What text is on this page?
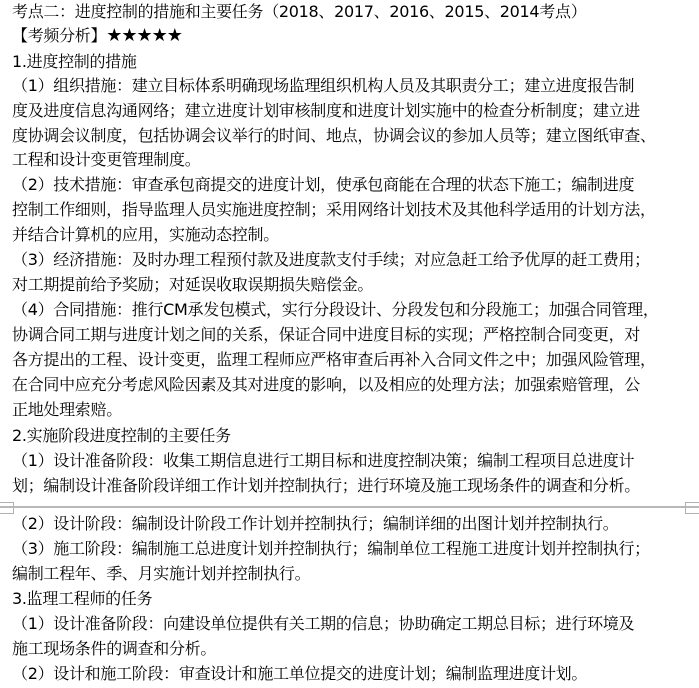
考点二：进度控制的措施和主要任务（2018、2017、2016、2015、2014考点）
【考频分析】★★★★★
1.进度控制的措施
（1）组织措施：建立目标体系明确现场监理组织机构人员及其职责分工；建立进度报告制
度及进度信息沟通网络；建立进度计划审核制度和进度计划实施中的检查分析制度；建立进
度协调会议制度，包括协调会议举行的时间、地点，协调会议的参加人员等；建立图纸审查、
工程和设计变更管理制度。
（2）技术措施：审查承包商提交的进度计划，使承包商能在合理的状态下施工；编制进度
控制工作细则，指导监理人员实施进度控制；采用网络计划技术及其他科学适用的计划方法，
并结合计算机的应用，实施动态控制。
（3）经济措施：及时办理工程预付款及进度款支付手续；对应急赶工给予优厚的赶工费用；
对工期提前给予奖励；对延误收取误期损失赔偿金。
（4）合同措施：推行CM承发包模式，实行分段设计、分段发包和分段施工；加强合同管理，
协调合同工期与进度计划之间的关系，保证合同中进度目标的实现；严格控制合同变更，对
各方提出的工程、设计变更，监理工程师应严格审查后再补入合同文件之中；加强风险管理，
在合同中应充分考虑风险因素及其对进度的影响，以及相应的处理方法；加强索赔管理，公
正地处理索赔。
2.实施阶段进度控制的主要任务
（1）设计准备阶段：收集工期信息进行工期目标和进度控制决策；编制工程项目总进度计
划；编制设计准备阶段详细工作计划并控制执行；进行环境及施工现场条件的调查和分析。
（2）设计阶段：编制设计阶段工作计划并控制执行；编制详细的出图计划并控制执行。
（3）施工阶段：编制施工总进度计划并控制执行；编制单位工程施工进度计划并控制执行；
编制工程年、季、月实施计划并控制执行。
3.监理工程师的任务
（1）设计准备阶段：向建设单位提供有关工期的信息；协助确定工期总目标；进行环境及
施工现场条件的调查和分析。
（2）设计和施工阶段：审查设计和施工单位提交的进度计划；编制监理进度计划。
